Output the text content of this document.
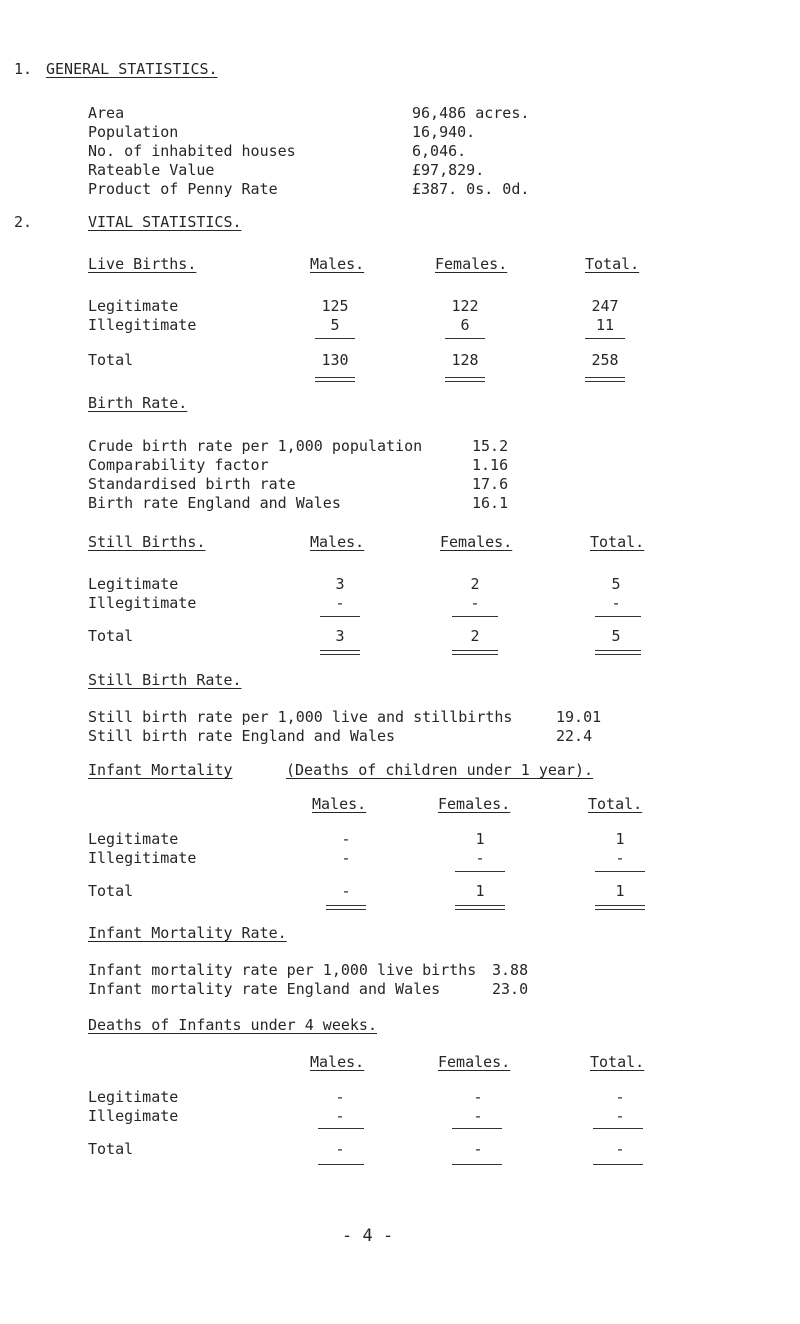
1. GENERAL STATISTICS.
Area	96,486 acres.
Population	16,940.
No. of inhabited houses	6,046.
Rateable Value	£97,829.
Product of Penny Rate	£387. 0s. 0d.
2.	VITAL STATISTICS.
Live Births.	Males.	Females.	Total.
Legitimate	125	122	247
Illegitimate	5	6	11
Total	130	128	258
Birth Rate.
Crude birth rate per 1,000 population	15.2
Comparability factor	1.16
Standardised birth rate	17.6
Birth rate England and Wales	16.1
Still Births.	Males.	Females.	Total.
Legitimate	3	2	5
Illegitimate	-	-	-
Total	3	2	5
Still Birth Rate.
Still birth rate per 1,000 live and stillbirths	19.01
Still birth rate England and Wales	22.4
Infant Mortality	(Deaths of children under 1 year).
Males.	Females.	Total.
Legitimate	-	1	1
Illegitimate	-	-	-
Total	-	1	1
Infant Mortality Rate.
Infant mortality rate per 1,000 live births 3.88
Infant mortality rate England and Wales	23.0
Deaths of Infants under 4 weeks.
Males.	Females.	Total.
Legitimate	-	-	-
Illegimate	-	-	-
Total	-	-	-
- 4 -
